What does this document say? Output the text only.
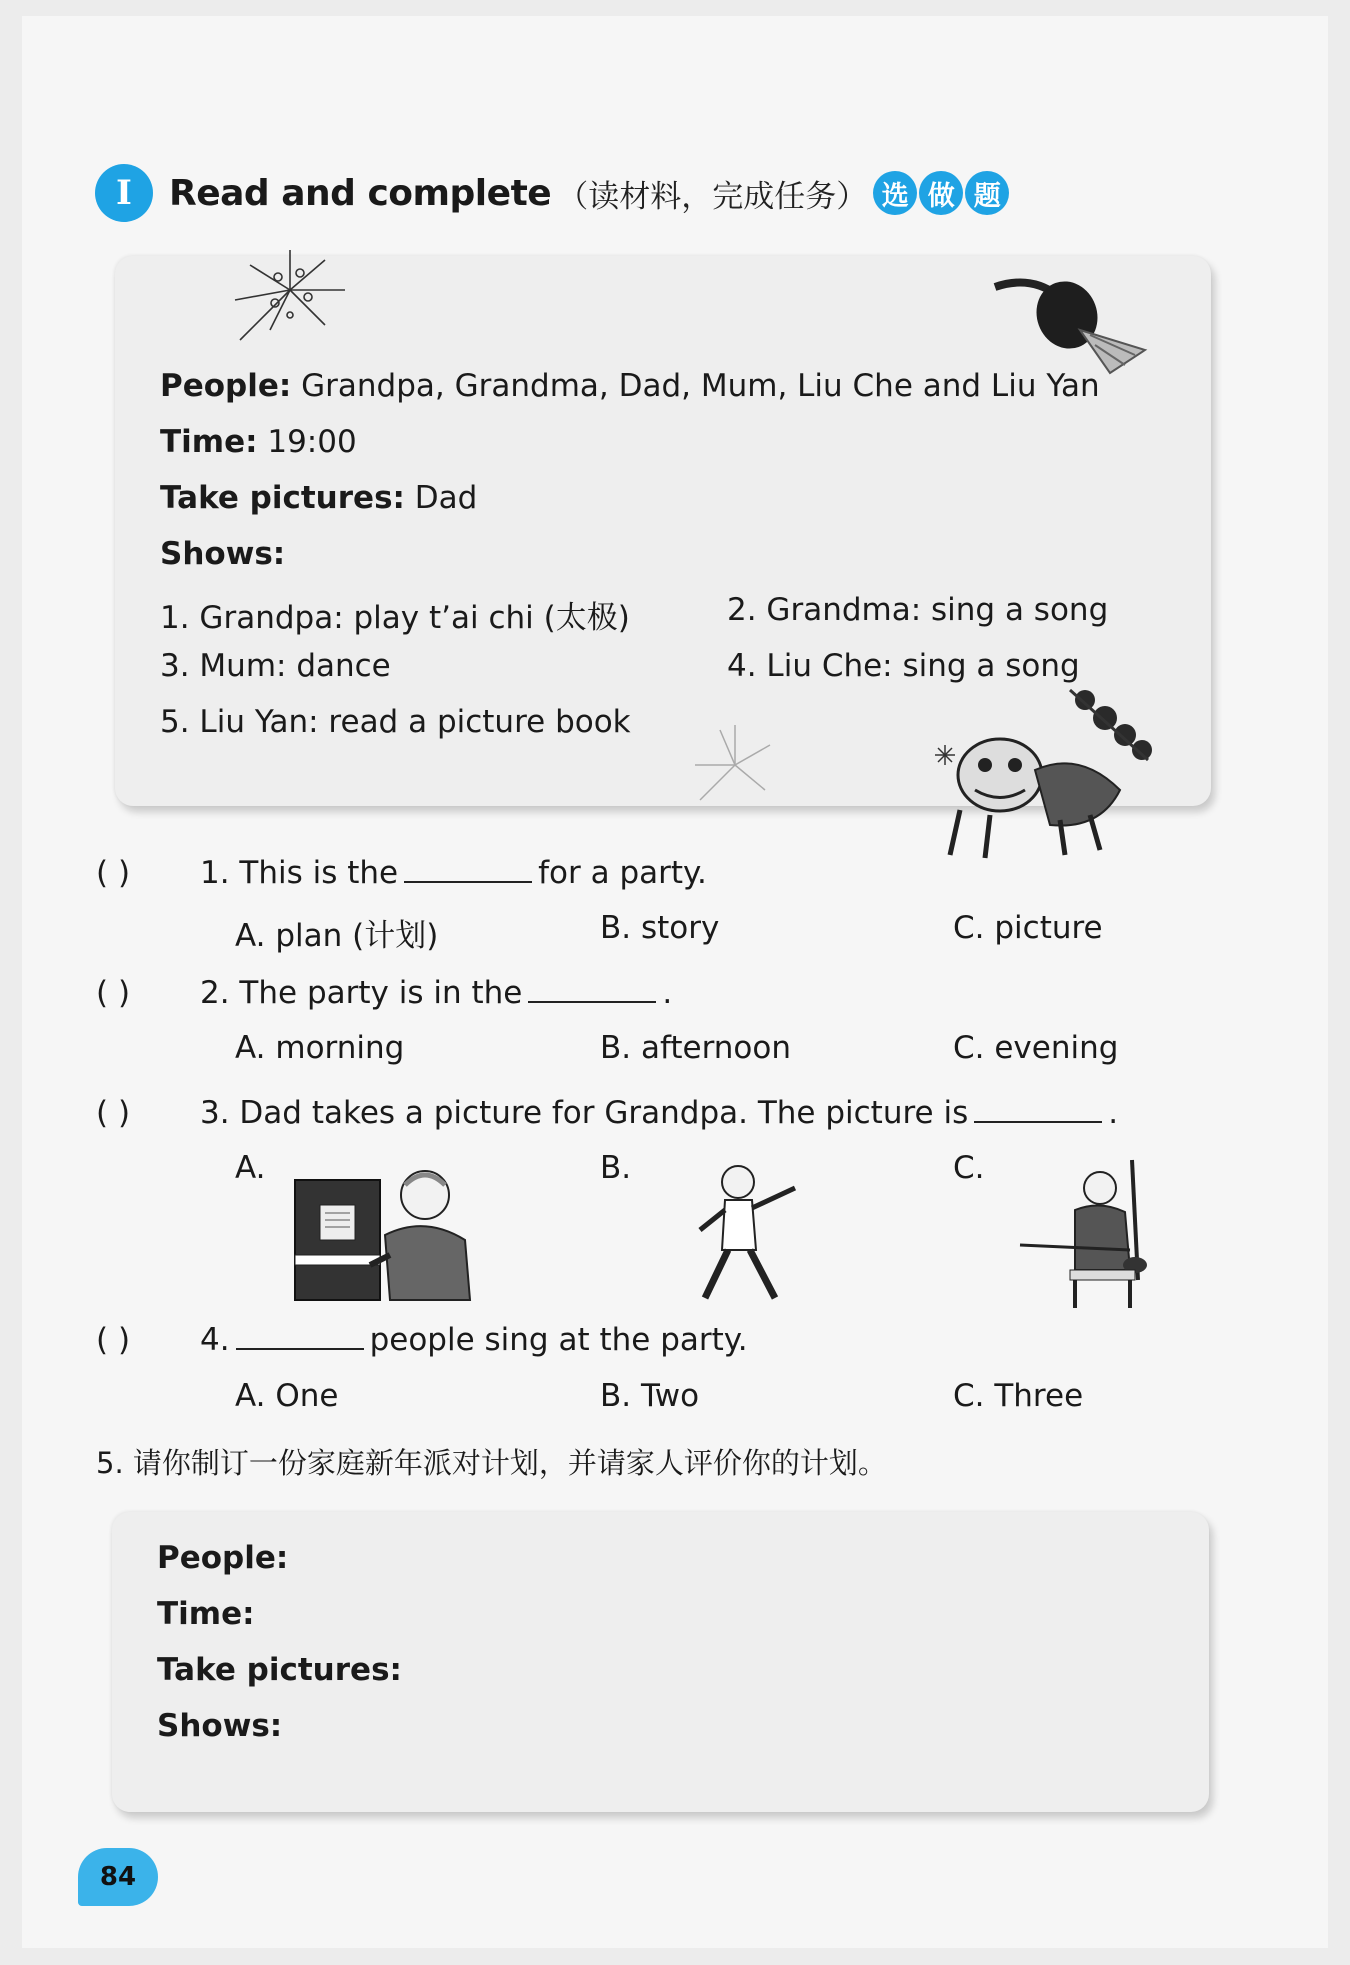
I	Read and complete （读材料，完成任务） 选 做 题
People: Grandpa, Grandma, Dad, Mum, Liu Che and Liu Yan
Time: 19:00
Take pictures: Dad
Shows:
1. Grandpa: play t’ai chi (太极)	2. Grandma: sing a song
3. Mum: dance	4. Liu Che: sing a song
5. Liu Yan: read a picture book
( ) 1. This is the	for a party.
A. plan (计划)	B. story	C. picture
( ) 2. The party is in the	.
A. morning	B. afternoon	C. evening
( ) 3. Dad takes a picture for Grandpa. The picture is	.
A.	B.	C.
( ) 4.	people sing at the party.
A. One	B. Two	C. Three
5. 请你制订一份家庭新年派对计划，并请家人评价你的计划。
People:
Time:
Take pictures:
Shows:
84
